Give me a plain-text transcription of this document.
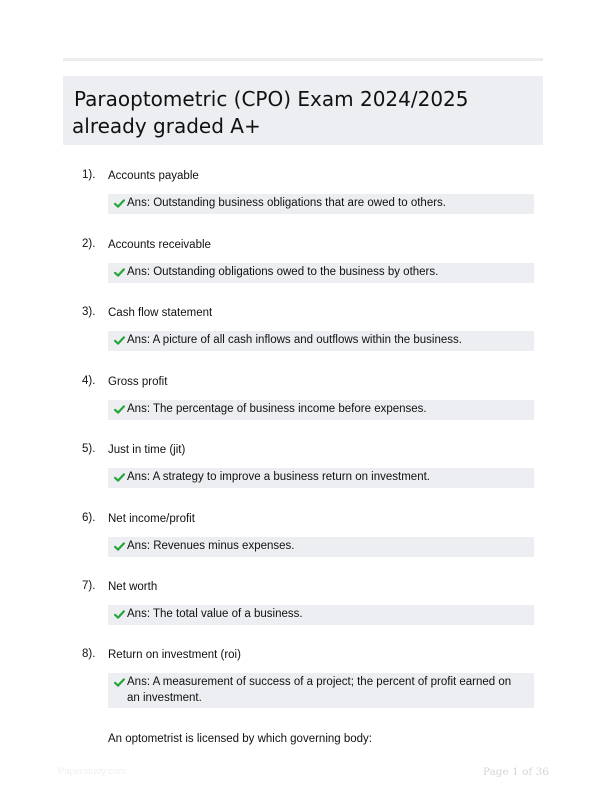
Paraoptometric (CPO) Exam 2024/2025 already graded A+
1). Accounts payable
Ans: Outstanding business obligations that are owed to others.
2). Accounts receivable
Ans: Outstanding obligations owed to the business by others.
3). Cash flow statement
Ans: A picture of all cash inflows and outflows within the business.
4). Gross profit
Ans: The percentage of business income before expenses.
5). Just in time (jit)
Ans: A strategy to improve a business return on investment.
6). Net income/profit
Ans: Revenues minus expenses.
7). Net worth
Ans: The total value of a business.
8). Return on investment (roi)
Ans: A measurement of success of a project; the percent of profit earned on an investment.
An optometrist is licensed by which governing body:
Paperstudy.com	Page 1 of 36
